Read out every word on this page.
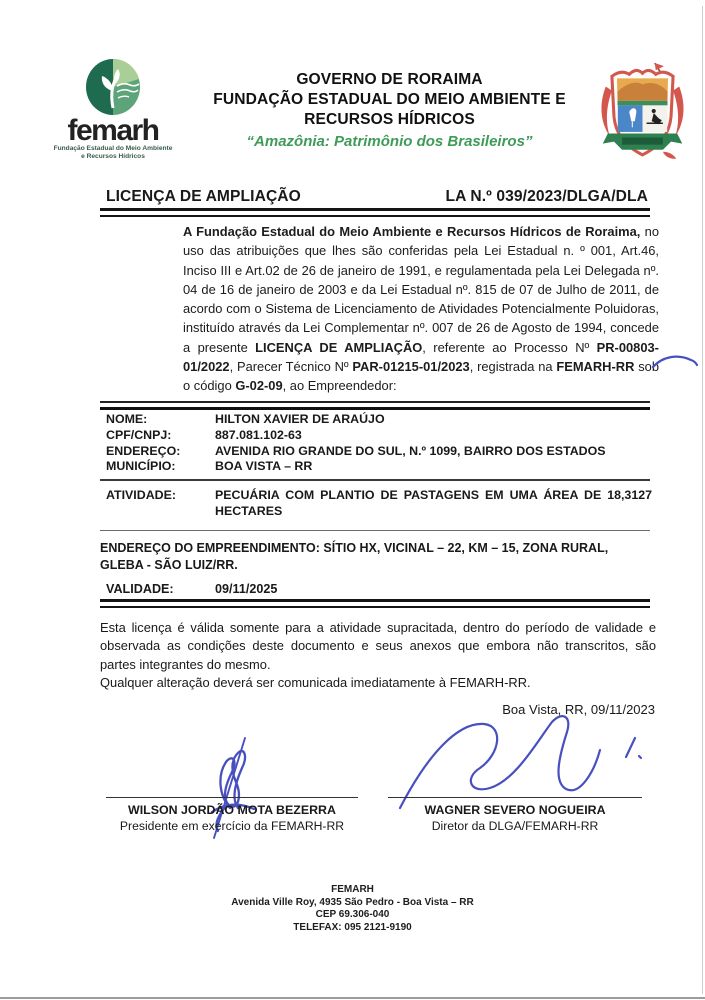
femarh
Fundação Estadual do Meio Ambiente
e Recursos Hídricos
GOVERNO DE RORAIMA
FUNDAÇÃO ESTADUAL DO MEIO AMBIENTE E
RECURSOS HÍDRICOS
“Amazônia: Patrimônio dos Brasileiros”
LICENÇA DE AMPLIAÇÃO	LA N.º 039/2023/DLGA/DLA

A Fundação Estadual do Meio Ambiente e Recursos Hídricos de Roraima, no uso das atribuições que lhes são conferidas pela Lei Estadual n. º 001, Art.46, Inciso III e Art.02 de 26 de janeiro de 1991, e regulamentada pela Lei Delegada nº. 04 de 16 de janeiro de 2003 e da Lei Estadual nº. 815 de 07 de Julho de 2011, de acordo com o Sistema de Licenciamento de Atividades Potencialmente Poluidoras, instituído através da Lei Complementar nº. 007 de 26 de Agosto de 1994, concede a presente LICENÇA DE AMPLIAÇÃO, referente ao Processo Nº PR-00803-01/2022, Parecer Técnico Nº PAR-01215-01/2023, registrada na FEMARH-RR sob o código G-02-09, ao Empreendedor:

NOME:	HILTON XAVIER DE ARAÚJO
CPF/CNPJ:	887.081.102-63
ENDEREÇO:	AVENIDA RIO GRANDE DO SUL, N.º 1099, BAIRRO DOS ESTADOS
MUNICÍPIO:	BOA VISTA – RR
ATIVIDADE:	PECUÁRIA COM PLANTIO DE PASTAGENS EM UMA ÁREA DE 18,3127 HECTARES
ENDEREÇO DO EMPREENDIMENTO: SÍTIO HX, VICINAL – 22, KM – 15, ZONA RURAL, GLEBA - SÃO LUIZ/RR.
VALIDADE:	09/11/2025

Esta licença é válida somente para a atividade supracitada, dentro do período de validade e observada as condições deste documento e seus anexos que embora não transcritos, são partes integrantes do mesmo.

Qualquer alteração deverá ser comunicada imediatamente à FEMARH-RR.

Boa Vista, RR, 09/11/2023
WILSON JORDÃO MOTA BEZERRA
Presidente em exercício da FEMARH-RR
WAGNER SEVERO NOGUEIRA
Diretor da DLGA/FEMARH-RR
FEMARH
Avenida Ville Roy, 4935 São Pedro - Boa Vista – RR
CEP 69.306-040
TELEFAX: 095 2121-9190
